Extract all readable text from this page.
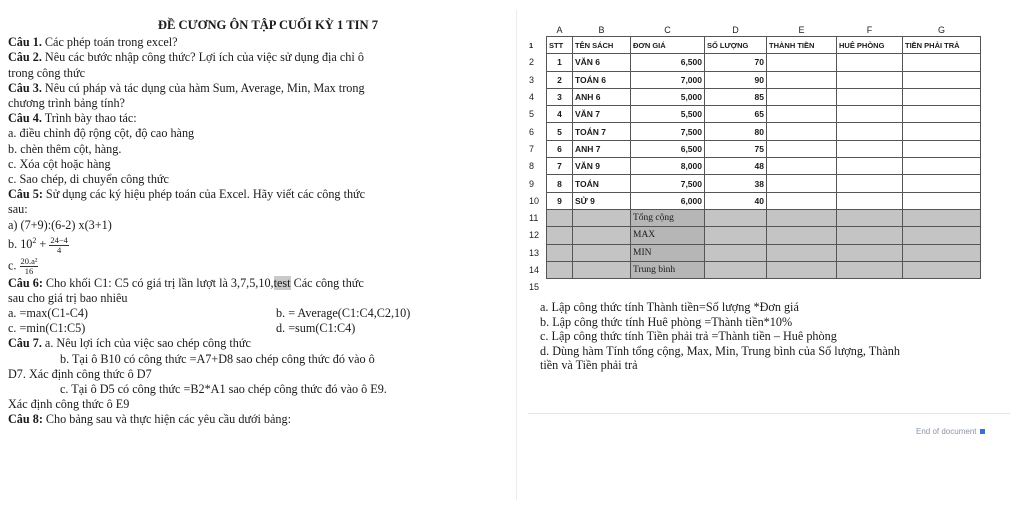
ĐỀ CƯƠNG ÔN TẬP CUỐI KỲ 1 TIN 7
Câu 1. Các phép toán trong excel?
Câu 2. Nêu các bước nhập công thức? Lợi ích của việc sử dụng địa chỉ ô
trong công thức
Câu 3. Nêu cú pháp và tác dụng của hàm Sum, Average, Min, Max trong
chương trình bảng tính?
Câu 4. Trình bày thao tác:
a. điều chỉnh độ rộng cột, độ cao hàng
b. chèn thêm cột, hàng.
c. Xóa cột hoặc hàng
c. Sao chép, di chuyển công thức
Câu 5: Sử dụng các ký hiệu phép toán của Excel. Hãy viết các công thức
sau:
a) (7+9):(6-2) x(3+1)
b. $10^2 + \frac{24-4}{4}$
c. $\frac{\text{20.a²}}{16}$
Câu 6: Cho khối C1: C5 có giá trị lần lượt là 3,7,5,10,test Các công thức
sau cho giá trị bao nhiêu
a. =max(C1-C4)	b. = Average(C1:C4,C2,10)
c. =min(C1:C5)	d. =sum(C1:C4)
Câu 7. a. Nêu lợi ích của việc sao chép công thức
b. Tại ô B10 có công thức =A7+D8 sao chép công thức đó vào ô
D7. Xác định công thức ô D7
c. Tại ô D5 có công thức =B2*A1 sao chép công thức đó vào ô E9.
Xác định công thức ô E9
Câu 8: Cho bảng sau và thực hiện các yêu cầu dưới bảng:
	A	B	C	D	E	F	G
1	STT	TÊN SÁCH	ĐƠN GIÁ	SỐ LƯỢNG	THÀNH TIỀN	HUÊ PHÒNG	TIỀN PHẢI TRẢ
2	1	VĂN 6	6,500	70			
3	2	TOÁN 6	7,000	90			
4	3	ANH 6	5,000	85			
5	4	VĂN 7	5,500	65			
6	5	TOÁN 7	7,500	80			
7	6	ANH 7	6,500	75			
8	7	VĂN 9	8,000	48			
9	8	TOÁN	7,500	38			
10	9	SỬ 9	6,000	40			
11			Tổng cộng				
12			MAX				
13			MIN				
14			Trung bình				
15							
a. Lập công thức tính Thành tiền=Số lượng *Đơn giá
b. Lập công thức tính Huê phòng =Thành tiền*10%
c. Lập công thức tính Tiền phải trả =Thành tiền – Huê phòng
d. Dùng hàm Tính tổng cộng, Max, Min, Trung bình của Số lượng, Thành
tiền và Tiền phải trả
End of document
